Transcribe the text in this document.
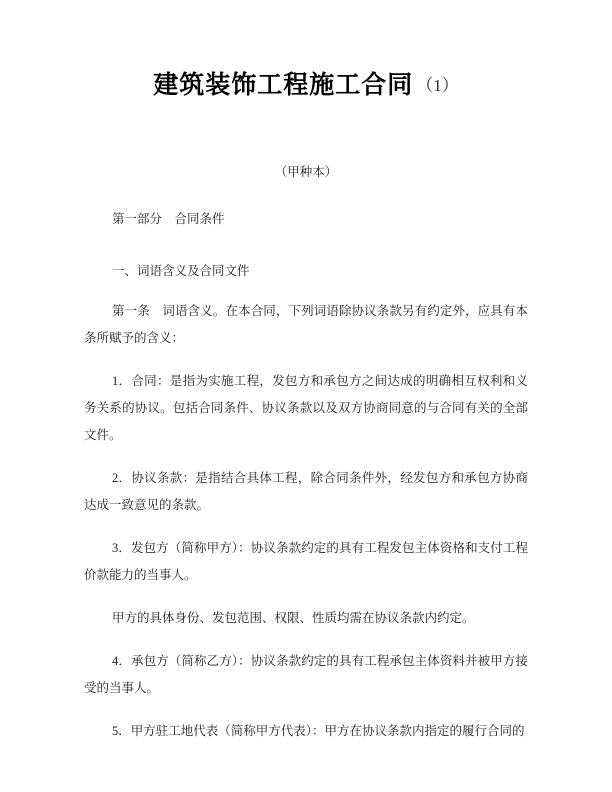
建筑装饰工程施工合同 （1）
（甲种本）
第一部分　合同条件
一、词语含义及合同文件

第一条　词语含义。在本合同，下列词语除协议条款另有约定外，应具有本条所赋予的含义：

1．合同：是指为实施工程，发包方和承包方之间达成的明确相互权利和义务关系的协议。包括合同条件、协议条款以及双方协商同意的与合同有关的全部文件。

2．协议条款：是指结合具体工程，除合同条件外，经发包方和承包方协商达成一致意见的条款。

3．发包方（简称甲方）：协议条款约定的具有工程发包主体资格和支付工程价款能力的当事人。

甲方的具体身份、发包范围、权限、性质均需在协议条款内约定。

4．承包方（简称乙方）：协议条款约定的具有工程承包主体资料并被甲方接受的当事人。

5．甲方驻工地代表（简称甲方代表）：甲方在协议条款内指定的履行合同的
